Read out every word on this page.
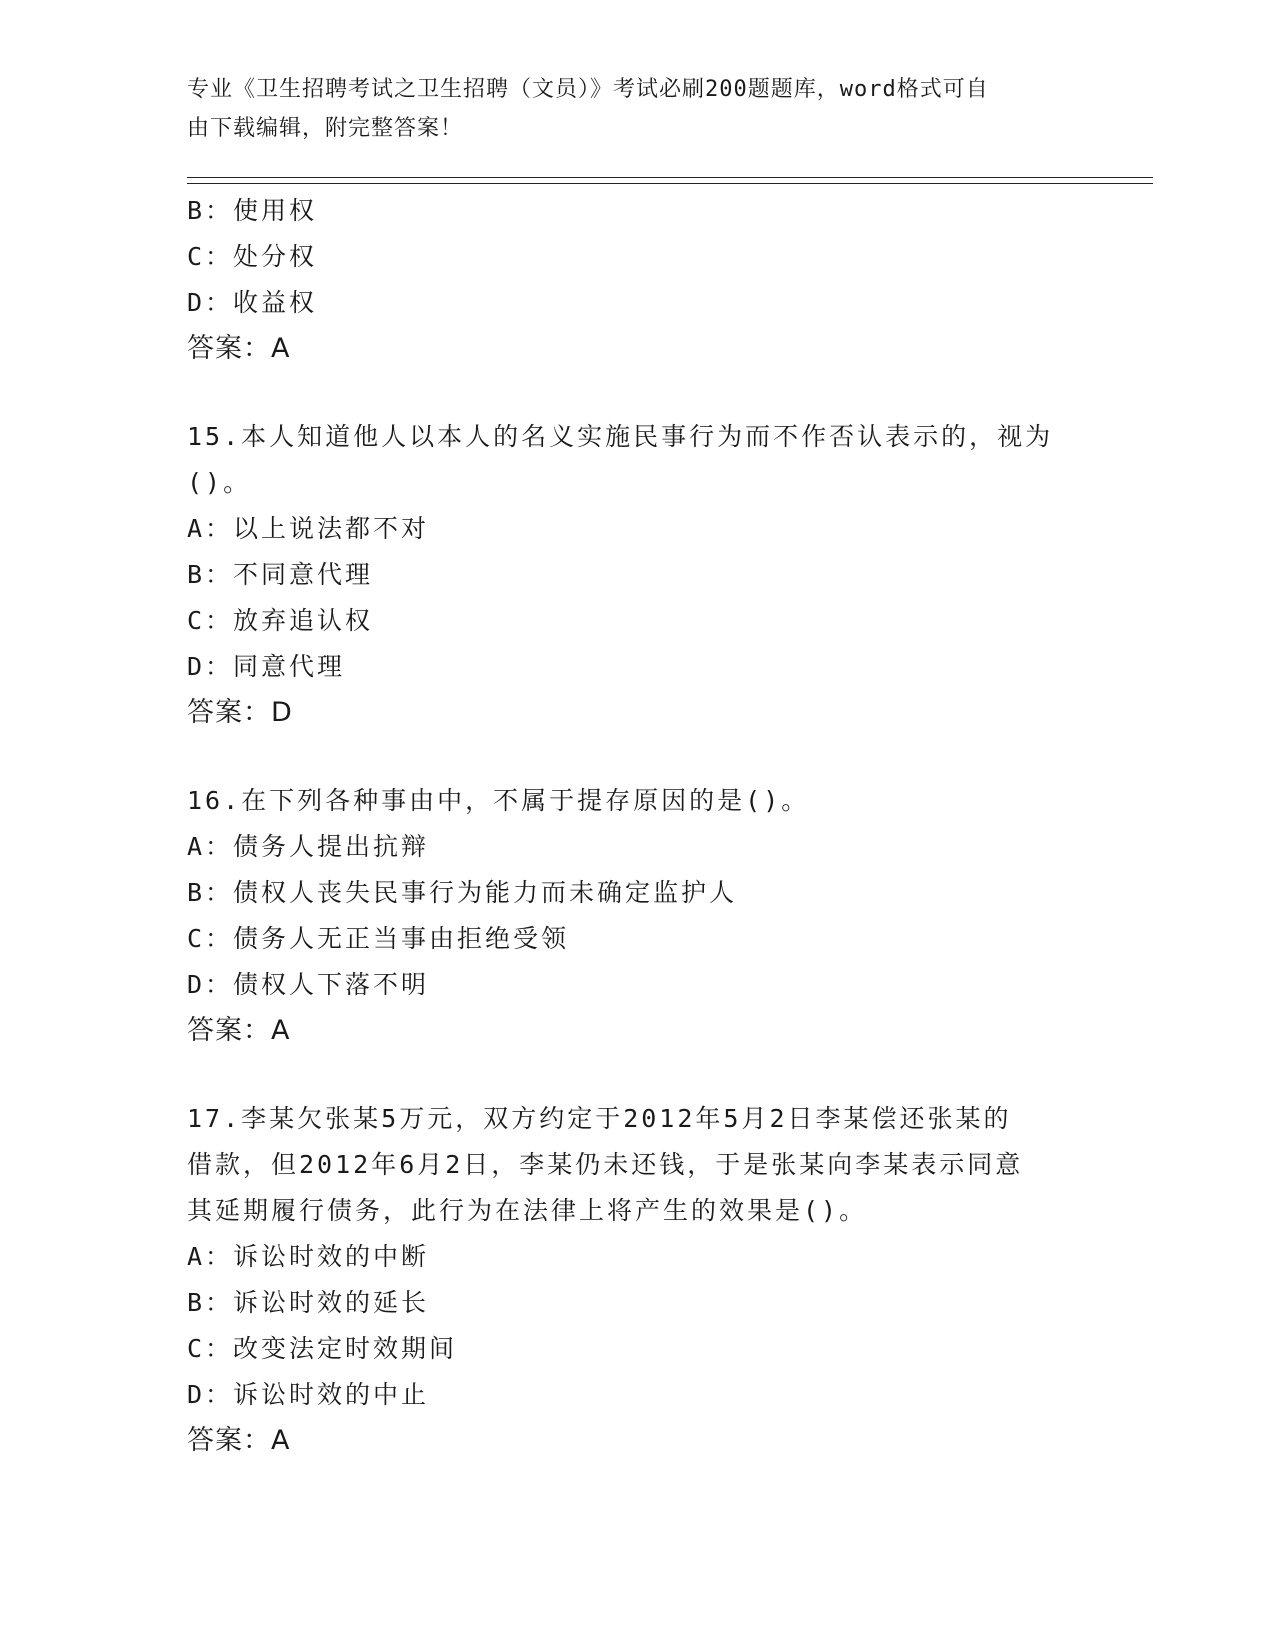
专业《卫生招聘考试之卫生招聘（文员）》考试必刷200题题库，word格式可自
由下载编辑，附完整答案！
B：使用权
C：处分权
D：收益权
答案：A
15.本人知道他人以本人的名义实施民事行为而不作否认表示的，视为
()。
A：以上说法都不对
B：不同意代理
C：放弃追认权
D：同意代理
答案：D
16.在下列各种事由中，不属于提存原因的是()。
A：债务人提出抗辩
B：债权人丧失民事行为能力而未确定监护人
C：债务人无正当事由拒绝受领
D：债权人下落不明
答案：A
17.李某欠张某5万元，双方约定于2012年5月2日李某偿还张某的
借款，但2012年6月2日，李某仍未还钱，于是张某向李某表示同意
其延期履行债务，此行为在法律上将产生的效果是()。
A：诉讼时效的中断
B：诉讼时效的延长
C：改变法定时效期间
D：诉讼时效的中止
答案：A
